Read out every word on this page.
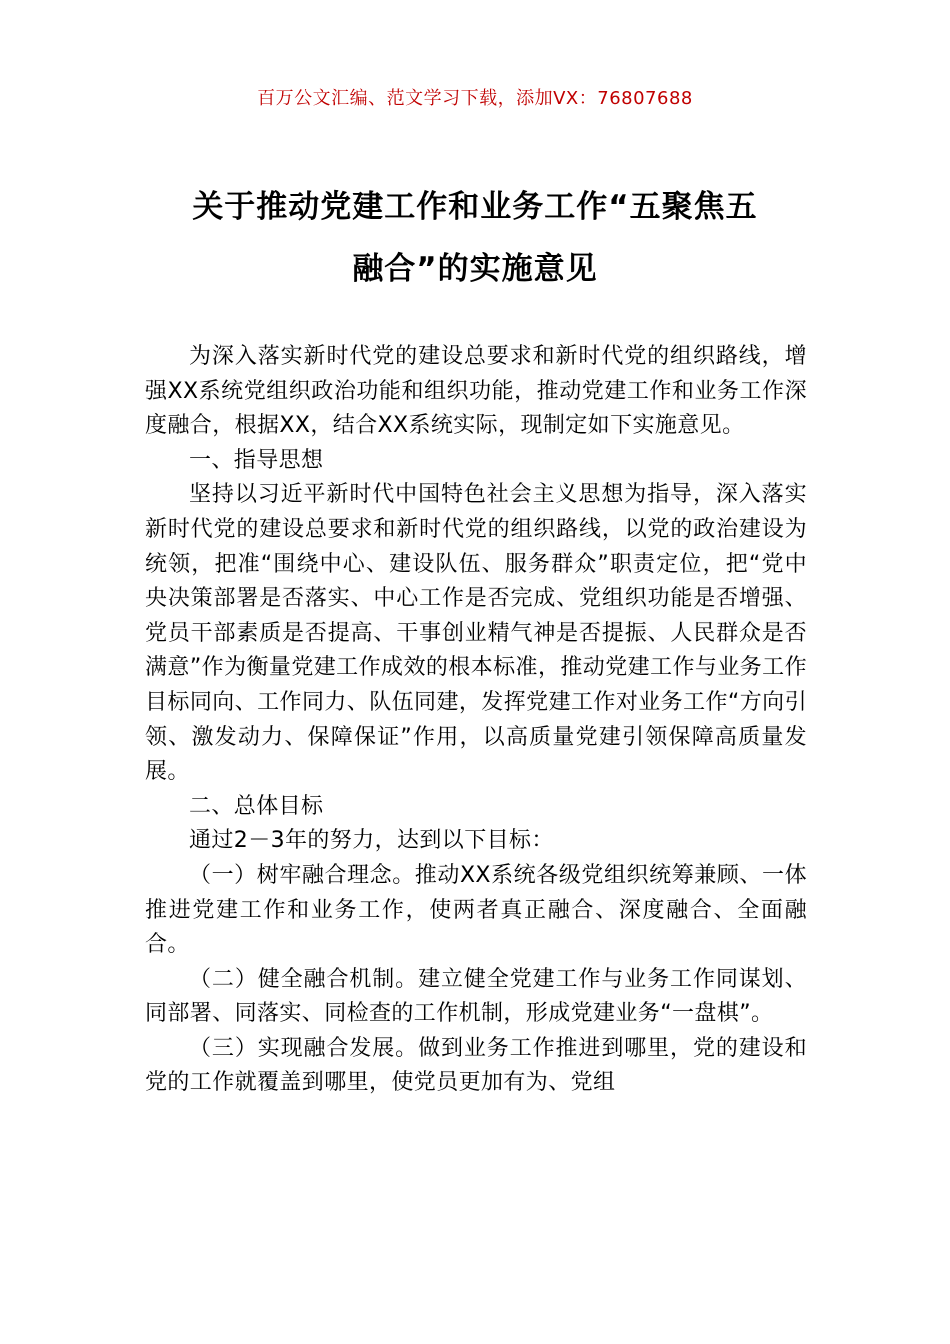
百万公文汇编、范文学习下载，添加VX：76807688
关于推动党建工作和业务工作“五聚焦五
融合”的实施意见

为深入落实新时代党的建设总要求和新时代党的组织路线，增强XX系统党组织政治功能和组织功能，推动党建工作和业务工作深度融合，根据XX，结合XX系统实际，现制定如下实施意见。

一、指导思想

坚持以习近平新时代中国特色社会主义思想为指导，深入落实新时代党的建设总要求和新时代党的组织路线，以党的政治建设为统领，把准“围绕中心、建设队伍、服务群众”职责定位，把“党中央决策部署是否落实、中心工作是否完成、党组织功能是否增强、党员干部素质是否提高、干事创业精气神是否提振、人民群众是否满意”作为衡量党建工作成效的根本标准，推动党建工作与业务工作目标同向、工作同力、队伍同建，发挥党建工作对业务工作“方向引领、激发动力、保障保证”作用，以高质量党建引领保障高质量发展。

二、总体目标

通过2－3年的努力，达到以下目标：

（一）树牢融合理念。推动XX系统各级党组织统筹兼顾、一体推进党建工作和业务工作，使两者真正融合、深度融合、全面融合。

（二）健全融合机制。建立健全党建工作与业务工作同谋划、同部署、同落实、同检查的工作机制，形成党建业务“一盘棋”。

（三）实现融合发展。做到业务工作推进到哪里，党的建设和党的工作就覆盖到哪里，使党员更加有为、党组
